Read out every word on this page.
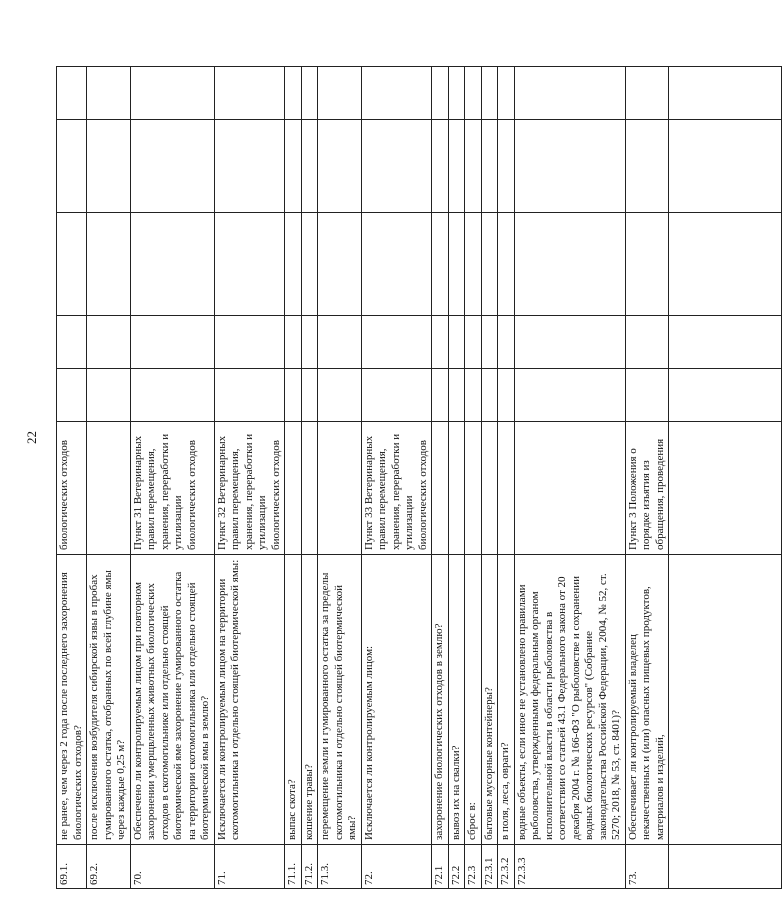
22
69.1.	не ранее, чем через 2 года после последнего захоронения биологических отходов?	биологических отходов					
69.2.	после исключения возбудителя сибирской язвы в пробах гумированного остатка, отобранных по всей глубине ямы через каждые 0,25 м?						
70.	Обеспечено ли контролируемым лицом при повторном захоронении умерщвленных животных биологических отходов в скотомогильнике или отдельно стоящей биотермической яме захоронение гумированного остатка на территории скотомогильника или отдельно стоящей биотермической ямы в землю?	Пункт 31 Ветеринарных правил перемещения, хранения, переработки и утилизации биологических отходов					
71.	Исключается ли контролируемым лицом на территории скотомогильника и отдельно стоящей биотермической ямы:	Пункт 32 Ветеринарных правил перемещения, хранения, переработки и утилизации биологических отходов					
71.1.	выпас скота?						
71.2.	кошение травы?						
71.3.	перемещение земли и гумированного остатка за пределы скотомогильника и отдельно стоящей биотермической ямы?						
72.	Исключается ли контролируемым лицом:	Пункт 33 Ветеринарных правил перемещения, хранения, переработки и утилизации биологических отходов					
72.1	захоронение биологических отходов в землю?						
72.2	вывоз их на свалки?						
72.3	сброс в:						
72.3.1	бытовые мусорные контейнеры?						
72.3.2	в поля, леса, овраги?						
72.3.3	водные объекты, если иное не установлено правилами рыболовства, утвержденными федеральным органом исполнительной власти в области рыболовства в соответствии со статьей 43.1 Федерального закона от 20 декабря 2004 г. № 166-ФЗ "О рыболовстве и сохранении водных биологических ресурсов" (Собрание законодательства Российской Федерации, 2004, № 52, ст. 5270; 2018, № 53, ст. 8401)?						
73.	Обеспечивает ли контролируемый владелец некачественных и (или) опасных пищевых продуктов, материалов и изделий,	Пункт 3 Положения о порядке изъятия из обращения, проведения					
